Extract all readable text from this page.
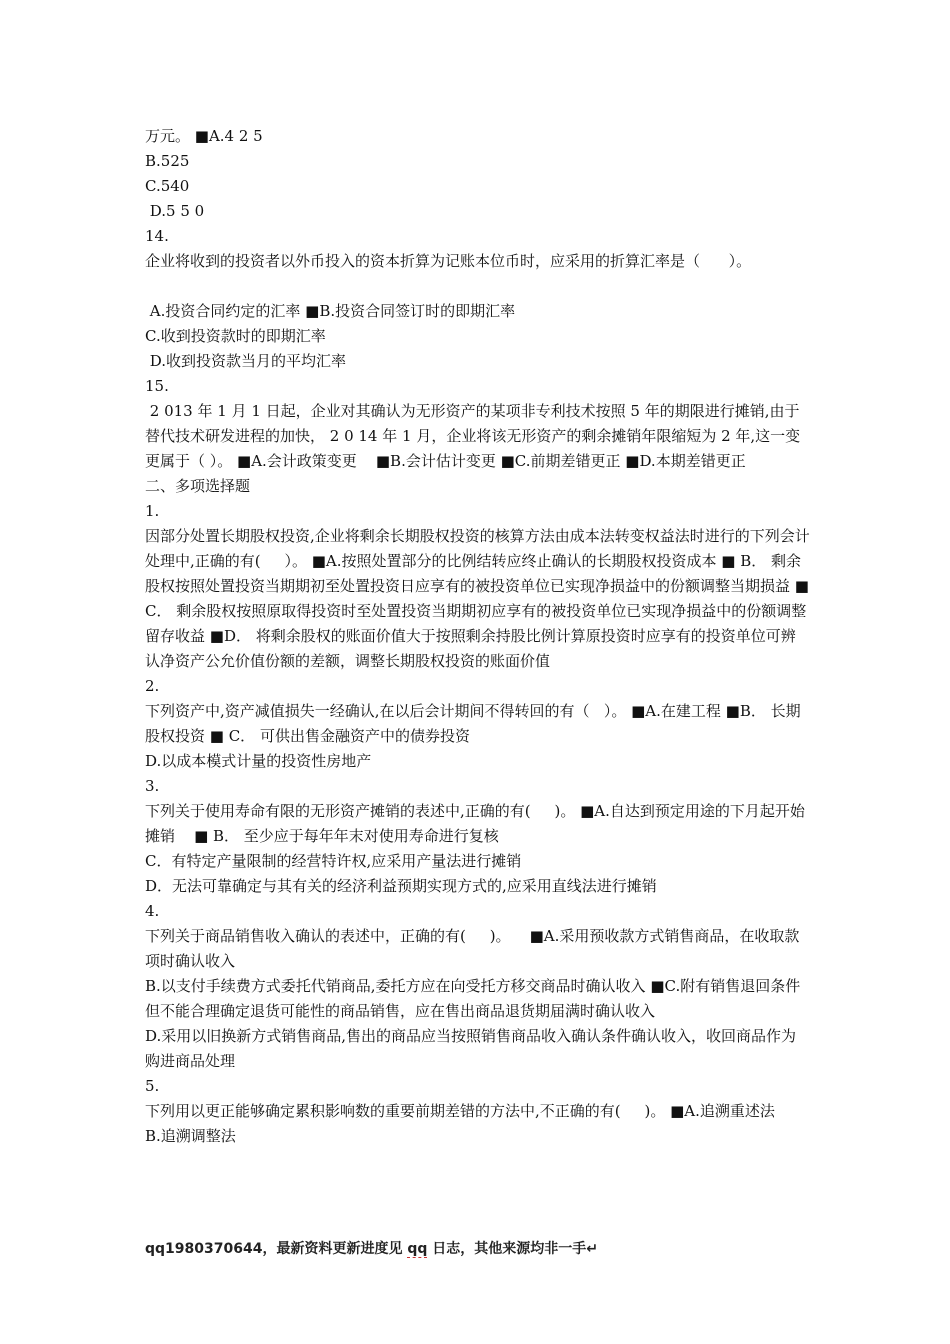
万元。 ■A.4 2 5

B.525

C.540

D.5 5 0

14.

企业将收到的投资者以外币投入的资本折算为记账本位币时，应采用的折算汇率是（      ）。

A.投资合同约定的汇率 ■B.投资合同签订时的即期汇率

C.收到投资款时的即期汇率

D.收到投资款当月的平均汇率

15.

2 013 年 1 月 1 日起，企业对其确认为无形资产的某项非专利技术按照 5 年的期限进行摊销,由于替代技术研发进程的加快， 2 0 14 年 1 月，企业将该无形资产的剩余摊销年限缩短为 2 年,这一变更属于（ ）。 ■A.会计政策变更    ■B.会计估计变更 ■C.前期差错更正 ■D.本期差错更正

二、多项选择题

1.

因部分处置长期股权投资,企业将剩余长期股权投资的核算方法由成本法转变权益法时进行的下列会计处理中,正确的有(     ）。 ■A.按照处置部分的比例结转应终止确认的长期股权投资成本 ■ B． 剩余股权按照处置投资当期期初至处置投资日应享有的被投资单位已实现净损益中的份额调整当期损益 ■C． 剩余股权按照原取得投资时至处置投资当期期初应享有的被投资单位已实现净损益中的份额调整留存收益 ■D． 将剩余股权的账面价值大于按照剩余持股比例计算原投资时应享有的投资单位可辨认净资产公允价值份额的差额，调整长期股权投资的账面价值

2.

下列资产中,资产减值损失一经确认,在以后会计期间不得转回的有（   ）。 ■A.在建工程 ■B． 长期股权投资 ■ C． 可供出售金融资产中的债券投资

D.以成本模式计量的投资性房地产

3.

下列关于使用寿命有限的无形资产摊销的表述中,正确的有(     )。 ■A.自达到预定用途的下月起开始摊销    ■ B． 至少应于每年年末对使用寿命进行复核

C．有特定产量限制的经营特许权,应采用产量法进行摊销

D．无法可靠确定与其有关的经济利益预期实现方式的,应采用直线法进行摊销

4.

下列关于商品销售收入确认的表述中，正确的有(     )。    ■A.采用预收款方式销售商品，在收取款项时确认收入

B.以支付手续费方式委托代销商品,委托方应在向受托方移交商品时确认收入 ■C.附有销售退回条件但不能合理确定退货可能性的商品销售，应在售出商品退货期届满时确认收入

D.采用以旧换新方式销售商品,售出的商品应当按照销售商品收入确认条件确认收入，收回商品作为购进商品处理

5.

下列用以更正能够确定累积影响数的重要前期差错的方法中,不正确的有(     )。 ■A.追溯重述法

B.追溯调整法

qq1980370644，最新资料更新进度见 qq 日志，其他来源均非一手↵
